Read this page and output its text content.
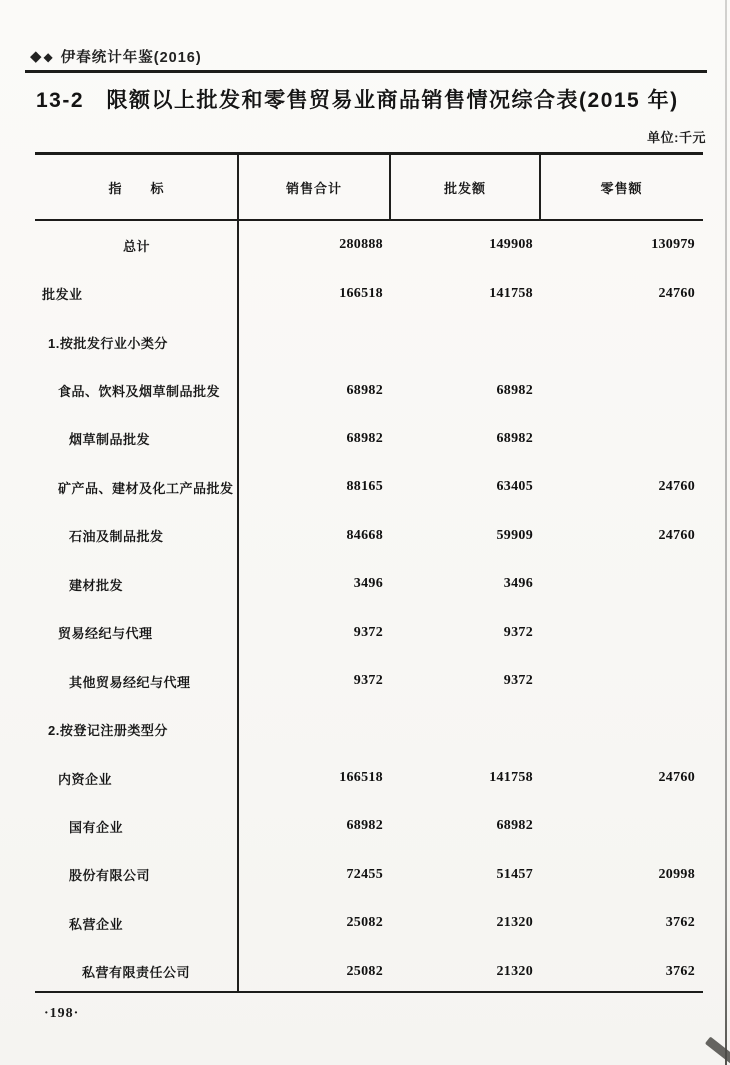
◆ ◆ 伊春统计年鉴(2016)
13-2　限额以上批发和零售贸易业商品销售情况综合表(2015 年)
单位:千元
指　　标	销售合计	批发额	零售额
总计	280888	149908	130979
批发业	166518	141758	24760
1.按批发行业小类分
食品、饮料及烟草制品批发	68982	68982
烟草制品批发	68982	68982
矿产品、建材及化工产品批发	88165	63405	24760
石油及制品批发	84668	59909	24760
建材批发	3496	3496
贸易经纪与代理	9372	9372
其他贸易经纪与代理	9372	9372
2.按登记注册类型分
内资企业	166518	141758	24760
国有企业	68982	68982
股份有限公司	72455	51457	20998
私营企业	25082	21320	3762
私营有限责任公司	25082	21320	3762
·198·
